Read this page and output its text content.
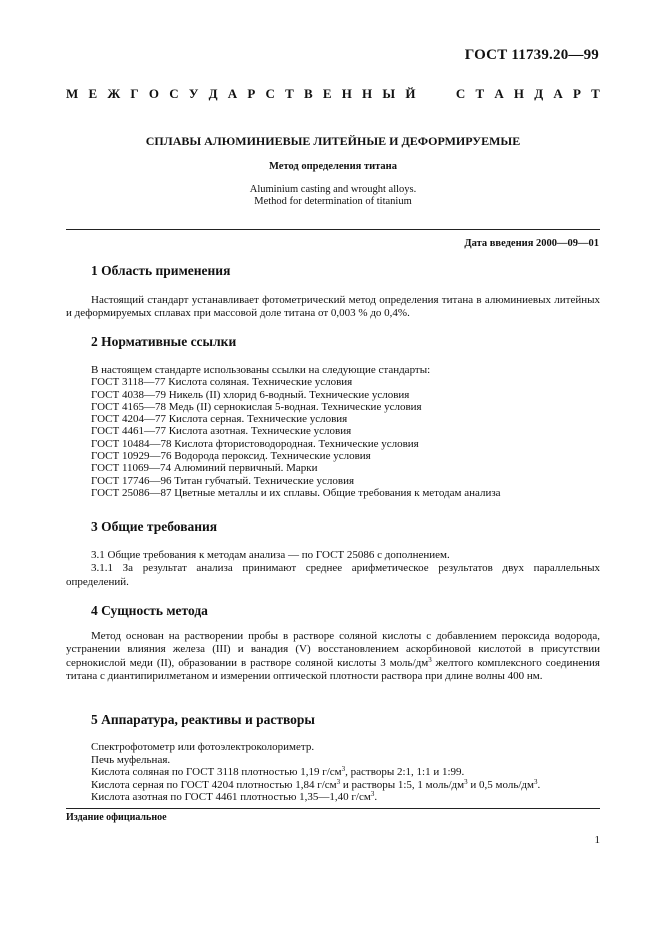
ГОСТ 11739.20—99
М Е Ж Г О С У Д А Р С Т В Е Н Н Ы Й	С Т А Н Д А Р Т
СПЛАВЫ АЛЮМИНИЕВЫЕ ЛИТЕЙНЫЕ И ДЕФОРМИРУЕМЫЕ
Метод определения титана
Aluminium casting and wrought alloys.
Method for determination of titanium
Дата введения 2000—09—01
1 Область применения

Настоящий стандарт устанавливает фотометрический метод определения титана в алюминиевых литейных и деформируемых сплавах при массовой доле титана от 0,003 % до 0,4%.

2 Нормативные ссылки
В настоящем стандарте использованы ссылки на следующие стандарты:
ГОСТ 3118—77 Кислота соляная. Технические условия
ГОСТ 4038—79 Никель (II) хлорид 6-водный. Технические условия
ГОСТ 4165—78 Медь (II) сернокислая 5-водная. Технические условия
ГОСТ 4204—77 Кислота серная. Технические условия
ГОСТ 4461—77 Кислота азотная. Технические условия
ГОСТ 10484—78 Кислота фтористоводородная. Технические условия
ГОСТ 10929—76 Водорода пероксид. Технические условия
ГОСТ 11069—74 Алюминий первичный. Марки
ГОСТ 17746—96 Титан губчатый. Технические условия
ГОСТ 25086—87 Цветные металлы и их сплавы. Общие требования к методам анализа
3 Общие требования

3.1 Общие требования к методам анализа — по ГОСТ 25086 с дополнением.

3.1.1 За результат анализа принимают среднее арифметическое результатов двух параллельных определений.

4 Сущность метода

Метод основан на растворении пробы в растворе соляной кислоты с добавлением пероксида водорода, устранении влияния железа (III) и ванадия (V) восстановлением аскорбиновой кислотой в присутствии сернокислой меди (II), образовании в растворе соляной кислоты 3 моль/$дм^3$ желтого комплексного соединения титана с диантипирилметаном и измерении оптической плотности раствора при длине волны 400 нм.

5 Аппаратура, реактивы и растворы
Спектрофотометр или фотоэлектроколориметр.
Печь муфельная.
Кислота соляная по ГОСТ 3118 плотностью 1,19 $г/см^3$, растворы 2:1, 1:1 и 1:99.
Кислота серная по ГОСТ 4204 плотностью 1,84 $г/см^3$ и растворы 1:5, 1 моль/$дм^3$ и 0,5 моль/$дм^3$.
Кислота азотная по ГОСТ 4461 плотностью 1,35—1,40 $г/см^3$.
Издание официальное
1
